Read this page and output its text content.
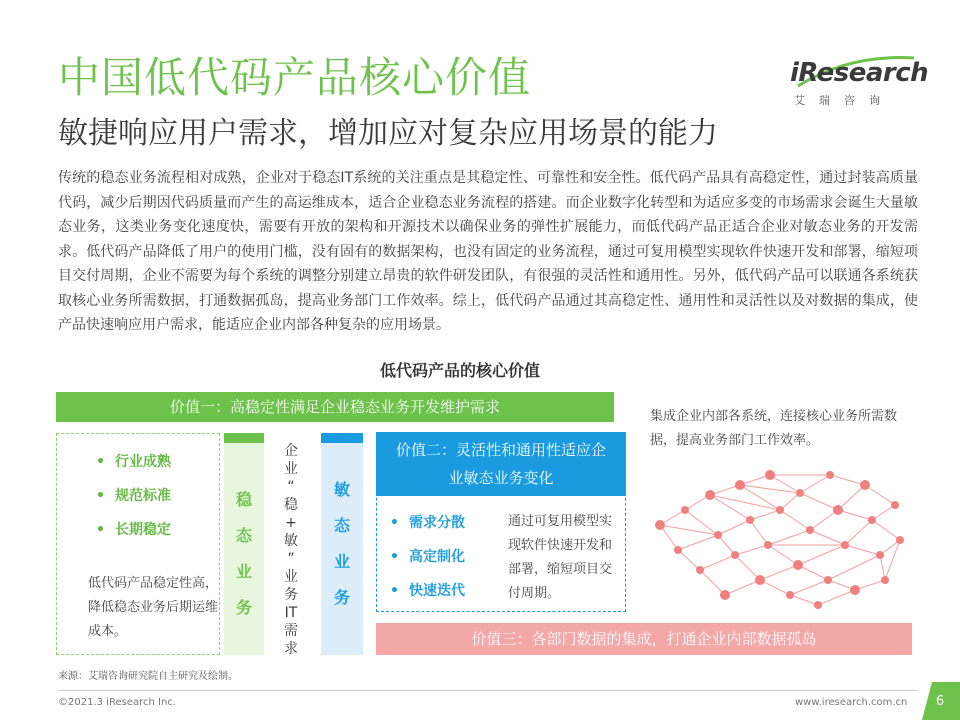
中国低代码产品核心价值
敏捷响应用户需求，增加应对复杂应用场景的能力
iResearch
艾瑞咨询
传统的稳态业务流程相对成熟，企业对于稳态IT系统的关注重点是其稳定性、可靠性和安全性。低代码产品具有高稳定性，通过封装高质量代码，减少后期因代码质量而产生的高运维成本，适合企业稳态业务流程的搭建。而企业数字化转型和为适应多变的市场需求会诞生大量敏态业务，这类业务变化速度快，需要有开放的架构和开源技术以确保业务的弹性扩展能力，而低代码产品正适合企业对敏态业务的开发需求。低代码产品降低了用户的使用门槛，没有固有的数据架构，也没有固定的业务流程，通过可复用模型实现软件快速开发和部署，缩短项目交付周期，企业不需要为每个系统的调整分别建立昂贵的软件研发团队，有很强的灵活性和通用性。另外，低代码产品可以联通各系统获取核心业务所需数据，打通数据孤岛，提高业务部门工作效率。综上，低代码产品通过其高稳定性、通用性和灵活性以及对数据的集成，使产品快速响应用户需求，能适应企业内部各种复杂的应用场景。
低代码产品的核心价值
价值一：高稳定性满足企业稳态业务开发维护需求
• 行业成熟
• 规范标准
• 长期稳定
低代码产品稳定性高，降低稳态业务后期运维成本。
稳
态
业
务
企
业
“
稳
+
敏
”
业
务
IT
需
求
敏
态
业
务
价值二：灵活性和通用性适应企
业敏态业务变化
• 需求分散
• 高定制化
• 快速迭代
通过可复用模型实现软件快速开发和部署，缩短项目交付周期。
集成企业内部各系统，连接核心业务所需数据，提高业务部门工作效率。
价值三：各部门数据的集成，打通企业内部数据孤岛
来源：艾瑞咨询研究院自主研究及绘制。
©2021.3 iResearch Inc.	www.iresearch.com.cn	6
